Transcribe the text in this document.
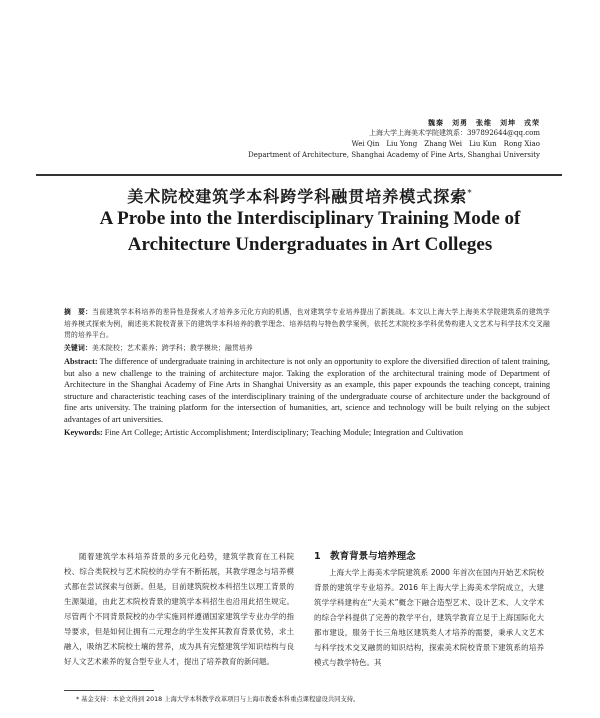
魏秦　刘勇　张维　刘坤　戎荣
上海大学上海美术学院建筑系：397892644@qq.com
Wei Qin　Liu Yong　Zhang Wei　Liu Kun　Rong Xiao
Department of Architecture, Shanghai Academy of Fine Arts, Shanghai University
美术院校建筑学本科跨学科融贯培养模式探索*
A Probe into the Interdisciplinary Training Mode of
Architecture Undergraduates in Art Colleges

摘　要：当前建筑学本科培养的差异性是探索人才培养多元化方向的机遇，也对建筑学专业培养提出了新挑战。本文以上海大学上海美术学院建筑系的建筑学培养模式探索为例，阐述美术院校背景下的建筑学本科培养的教学理念、培养结构与特色教学案例，依托艺术院校多学科优势构建人文艺术与科学技术交叉融贯的培养平台。

关键词：美术院校；艺术素养；跨学科；教学模块；融贯培养

Abstract: The difference of undergraduate training in architecture is not only an opportunity to explore the diversified direction of talent training, but also a new challenge to the training of architecture major. Taking the exploration of the architectural training mode of Department of Architecture in the Shanghai Academy of Fine Arts in Shanghai University as an example, this paper expounds the teaching concept, training structure and characteristic teaching cases of the interdisciplinary training of the undergraduate course of architecture under the background of fine arts university. The training platform for the intersection of humanities, art, science and technology will be built relying on the subject advantages of art universities.

Keywords: Fine Art College; Artistic Accomplishment; Interdisciplinary; Teaching Module; Integration and Cultivation

随着建筑学本科培养背景的多元化趋势，建筑学教育在工科院校、综合类院校与艺术院校的办学有不断拓展，其教学理念与培养模式都在尝试探索与创新。但是，目前建筑院校本科招生以理工背景的生源渠道，由此艺术院校背景的建筑学本科招生也沿用此招生规定。尽管两个不同背景院校的办学实施同样遵循国家建筑学专业办学的指导要求，但是如何让拥有二元理念的学生发挥其教育背景优势，求土融入，吸纳艺术院校土壤的营养，成为具有完整建筑学知识结构与良好人文艺术素养的复合型专业人才，提出了培养教育的新问题。

1　教育背景与培养理念

上海大学上海美术学院建筑系 2000 年首次在国内开始艺术院校背景的建筑学专业培养。2016 年上海大学上海美术学院成立，大建筑学学科建构在“大美术”概念下融合造型艺术、设计艺术、人文学术的综合学科提供了完善的教学平台，建筑学教育立足于上海国际化大都市建设，服务于长三角地区建筑类人才培养的需要，秉承人文艺术与科学技术交叉融贯的知识结构，探索美术院校背景下建筑系的培养模式与教学特色。其

* 基金支持：本论文得到 2018 上海大学本科教学改革项目与上海市教委本科重点课程建设共同支持。
